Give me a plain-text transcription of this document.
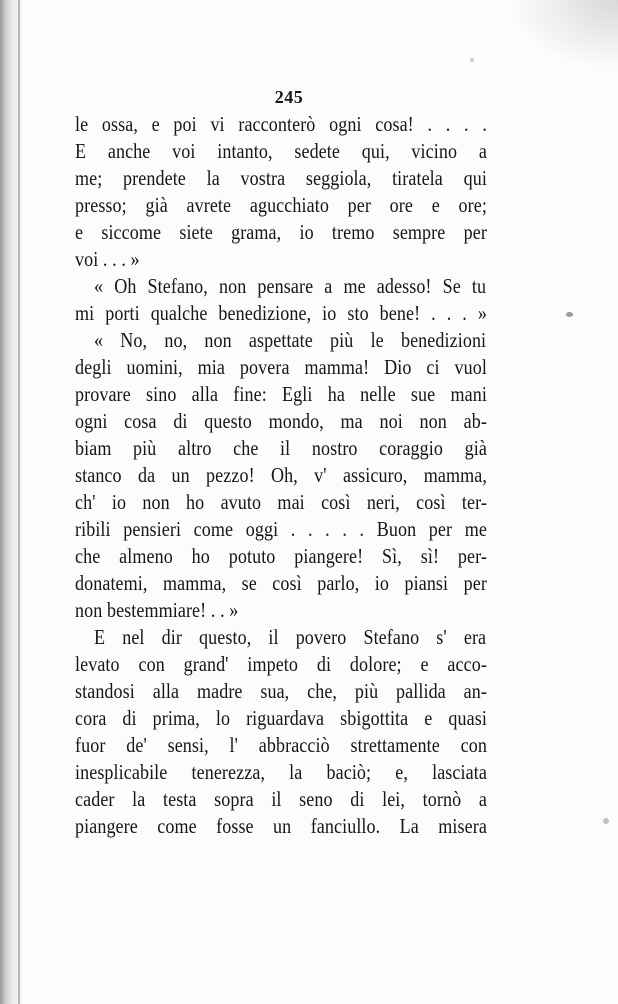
245
le ossa, e poi vi racconterò ogni cosa! . . . .
E anche voi intanto, sedete qui, vicino a
me; prendete la vostra seggiola, tiratela qui
presso; già avrete agucchiato per ore e ore;
e siccome siete grama, io tremo sempre per
voi . . . »
« Oh Stefano, non pensare a me adesso! Se tu
mi porti qualche benedizione, io sto bene! . . . »
« No, no, non aspettate più le benedizioni
degli uomini, mia povera mamma! Dio ci vuol
provare sino alla fine: Egli ha nelle sue mani
ogni cosa di questo mondo, ma noi non ab-
biam più altro che il nostro coraggio già
stanco da un pezzo! Oh, v' assicuro, mamma,
ch' io non ho avuto mai così neri, così ter-
ribili pensieri come oggi . . . . . Buon per me
che almeno ho potuto piangere! Sì, sì! per-
donatemi, mamma, se così parlo, io piansi per
non bestemmiare! . . »
E nel dir questo, il povero Stefano s' era
levato con grand' impeto di dolore; e acco-
standosi alla madre sua, che, più pallida an-
cora di prima, lo riguardava sbigottita e quasi
fuor de' sensi, l' abbracciò strettamente con
inesplicabile tenerezza, la baciò; e, lasciata
cader la testa sopra il seno di lei, tornò a
piangere come fosse un fanciullo. La misera
